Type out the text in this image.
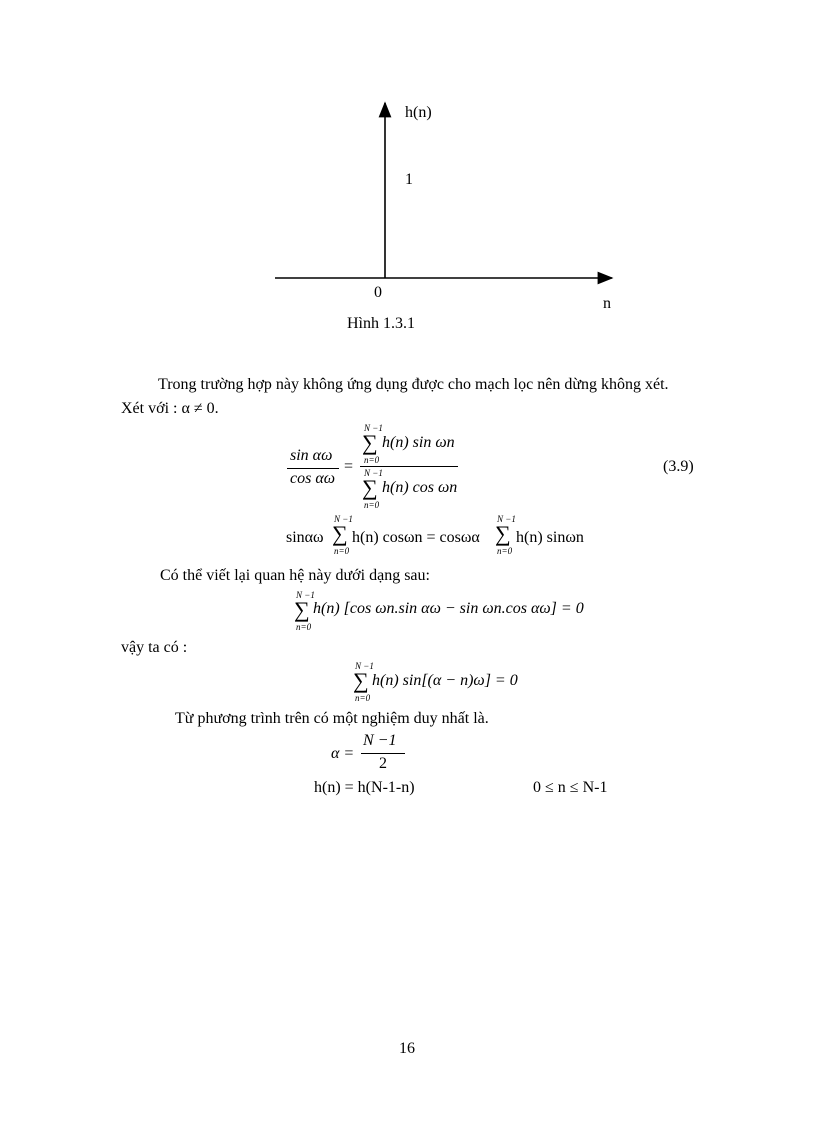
h(n)
1
0
n
Hình 1.3.1
Trong trường hợp này không ứng dụng được cho mạch lọc nên dừng không xét.
Xét với : α ≠ 0.
sin αω
cos αω
=
N −1
∑
n=0
h(n) sin ωn
N −1
∑
n=0
h(n) cos ωn
(3.9)
sinαω
N −1
∑
n=0
h(n) cosωn = cosωα
N −1
∑
n=0
h(n) sinωn
Có thể viết lại quan hệ này dưới dạng sau:
N −1
∑
n=0
h(n) [cos ωn.sin αω − sin ωn.cos αω] = 0
vậy ta có :
N −1
∑
n=0
h(n) sin[(α − n)ω] = 0
Từ phương trình trên có một nghiệm duy nhất là.
α =
N −1
2
h(n) = h(N-1-n)	0 ≤ n ≤ N-1
16
